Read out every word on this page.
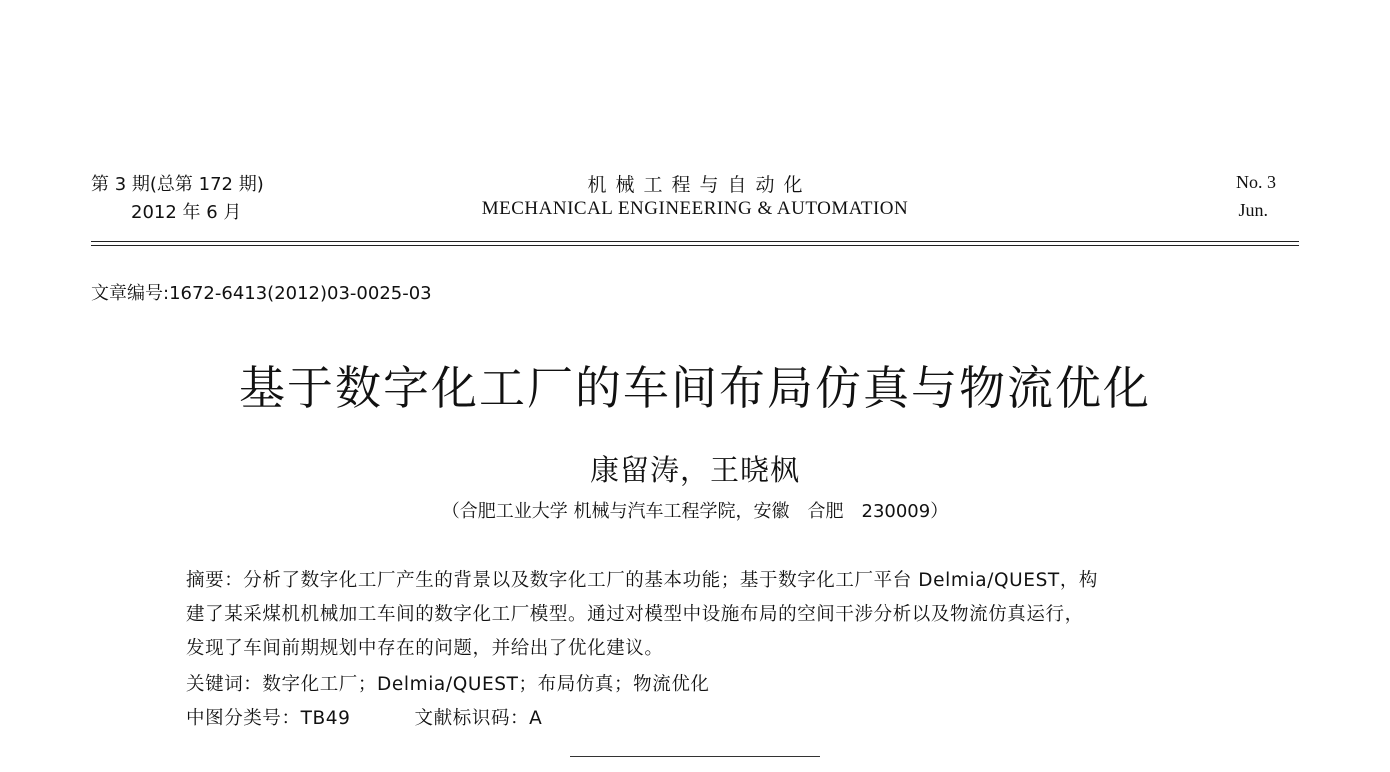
第 3 期(总第 172 期)
2012 年 6 月
机械工程与自动化
MECHANICAL ENGINEERING & AUTOMATION
No. 3
Jun.
文章编号:1672-6413(2012)03-0025-03
基于数字化工厂的车间布局仿真与物流优化
康留涛，王晓枫
（合肥工业大学 机械与汽车工程学院，安徽　合肥　230009）
摘要：分析了数字化工厂产生的背景以及数字化工厂的基本功能；基于数字化工厂平台 Delmia/QUEST，构
建了某采煤机机械加工车间的数字化工厂模型。通过对模型中设施布局的空间干涉分析以及物流仿真运行，
发现了车间前期规划中存在的问题，并给出了优化建议。
关键词：数字化工厂；Delmia/QUEST；布局仿真；物流优化
中图分类号：TB49	文献标识码：A
